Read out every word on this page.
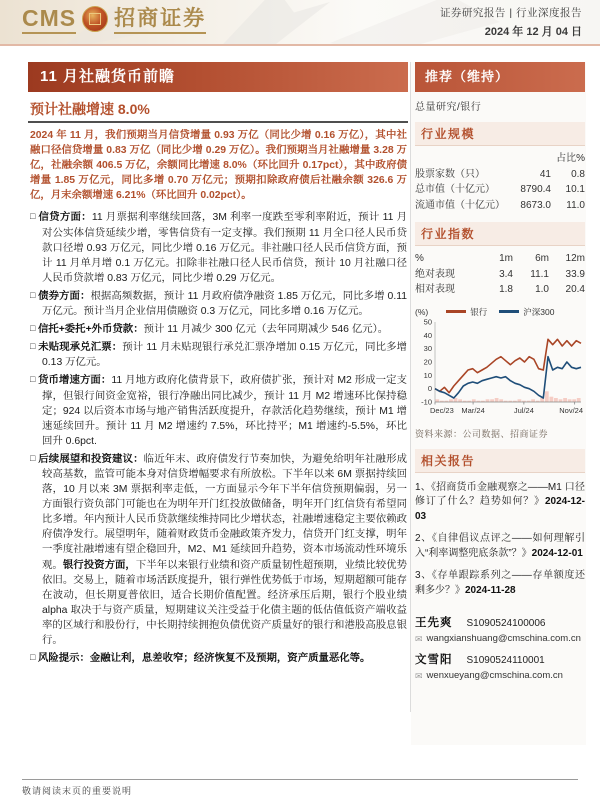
CMS 招商证券	证券研究报告 | 行业深度报告
2024 年 12 月 04 日
11 月社融货币前瞻	推荐（维持）
预计社融增速 8.0%

2024 年 11 月，我们预期当月信贷增量 0.93 万亿（同比少增 0.16 万亿），其中社融口径信贷增量 0.83 万亿（同比少增 0.29 万亿）。我们预期当月社融增量 3.28 万亿，社融余额 406.5 万亿，余额同比增速 8.0%（环比回升 0.17pct），其中政府债增量 1.85 万亿元，同比多增 0.70 万亿元；预期扣除政府债后社融余额 326.6 万亿，月末余额增速 6.21%（环比回升 0.02pct）。

□ 信贷方面：11 月票据利率继续回落，3M 利率一度跌至零利率附近，预计 11 月对公实体信贷延续少增，零售信贷有一定支撑。我们预期 11 月全口径人民币贷款口径增 0.93 万亿元，同比少增 0.16 万亿元。非社融口径人民币信贷方面，预计 11 月单月增 0.1 万亿元。扣除非社融口径人民币信贷，预计 10 月社融口径人民币贷款增 0.83 万亿元，同比少增 0.29 万亿元。

□ 债券方面：根据高频数据，预计 11 月政府债净融资 1.85 万亿元，同比多增 0.11 万亿元。预计当月企业信用债融资 0.3 万亿元，同比多增 0.16 万亿元。

□ 信托+委托+外币贷款：预计 11 月减少 300 亿元（去年同期减少 546 亿元）。

□ 未贴现承兑汇票：预计 11 月未贴现银行承兑汇票净增加 0.15 万亿元，同比多增 0.13 万亿元。

□ 货币增速方面：11 月地方政府化债背景下，政府债扩张，预计对 M2 形成一定支撑，但银行间资金宽裕，银行净融出同比减少，预计 11 月 M2 增速环比保持稳定；924 以后资本市场与地产销售活跃度提升，存款活化趋势继续，预计 M1 增速延续回升。预计 11 月 M2 增速约 7.5%，环比持平；M1 增速约-5.5%，环比回升 0.6pct.

□ 后续展望和投资建议：临近年末、政府债发行节奏加快，为避免给明年社融形成较高基数，监管可能本身对信贷增幅要求有所放松。下半年以来 6M 票据持续回落，10 月以来 3M 票据利率走低，一方面显示今年下半年信贷预期偏弱，另一方面银行资负部门可能也在为明年开门红投放做储备，明年开门红信贷有希望同比多增。年内预计人民币贷款继续维持同比少增状态，社融增速稳定主要依赖政府债净发行。展望明年，随着财政货币金融政策齐发力，信贷开门红支撑，明年一季度社融增速有望企稳回升，M2、M1 延续回升趋势，资本市场流动性环境乐观。银行投资方面，下半年以来银行业绩和资产质量韧性超预期，业绩比较优势依旧。交易上，随着市场活跃度提升，银行弹性优势低于市场，短期超额可能存在波动，但长期夏普依旧，适合长期价值配置。经济承压后期，银行个股业绩 alpha 取决于与资产质量，短期建议关注受益于化债主题的低估值低资产端收益率的区域行和股份行，中长期持续拥抱负债优资产质量好的银行和港股高股息银行。

□ 风险提示：金融让利，息差收窄；经济恢复不及预期，资产质量恶化等。

总量研究/银行
行业规模
占比%
股票家数（只）	41	0.8
总市值（十亿元）	8790.4	10.1
流通市值（十亿元）	8673.0	11.0
行业指数
%	1m	6m	12m
绝对表现	3.4	11.1	33.9
相对表现	1.8	1.0	20.4
(%)	银行	沪深300
50
40
30
20
10
0
-10
Dec/23 Mar/24	Jul/24	Nov/24
资料来源：公司数据、招商证券
相关报告
1、《招商货币金融观察之——M1 口径修订了什么？趋势如何？》2024-12-03
2、《自律倡议点评之——如何理解引入“利率调整兜底条款”？》2024-12-01
3、《存单跟踪系列之——存单额度还剩多少？》2024-11-28
王先爽 S1090524100006
✉ wangxianshuang@cmschina.com.cn
文雪阳 S1090524110001
✉ wenxueyang@cmschina.com.cn
敬请阅读末页的重要说明
